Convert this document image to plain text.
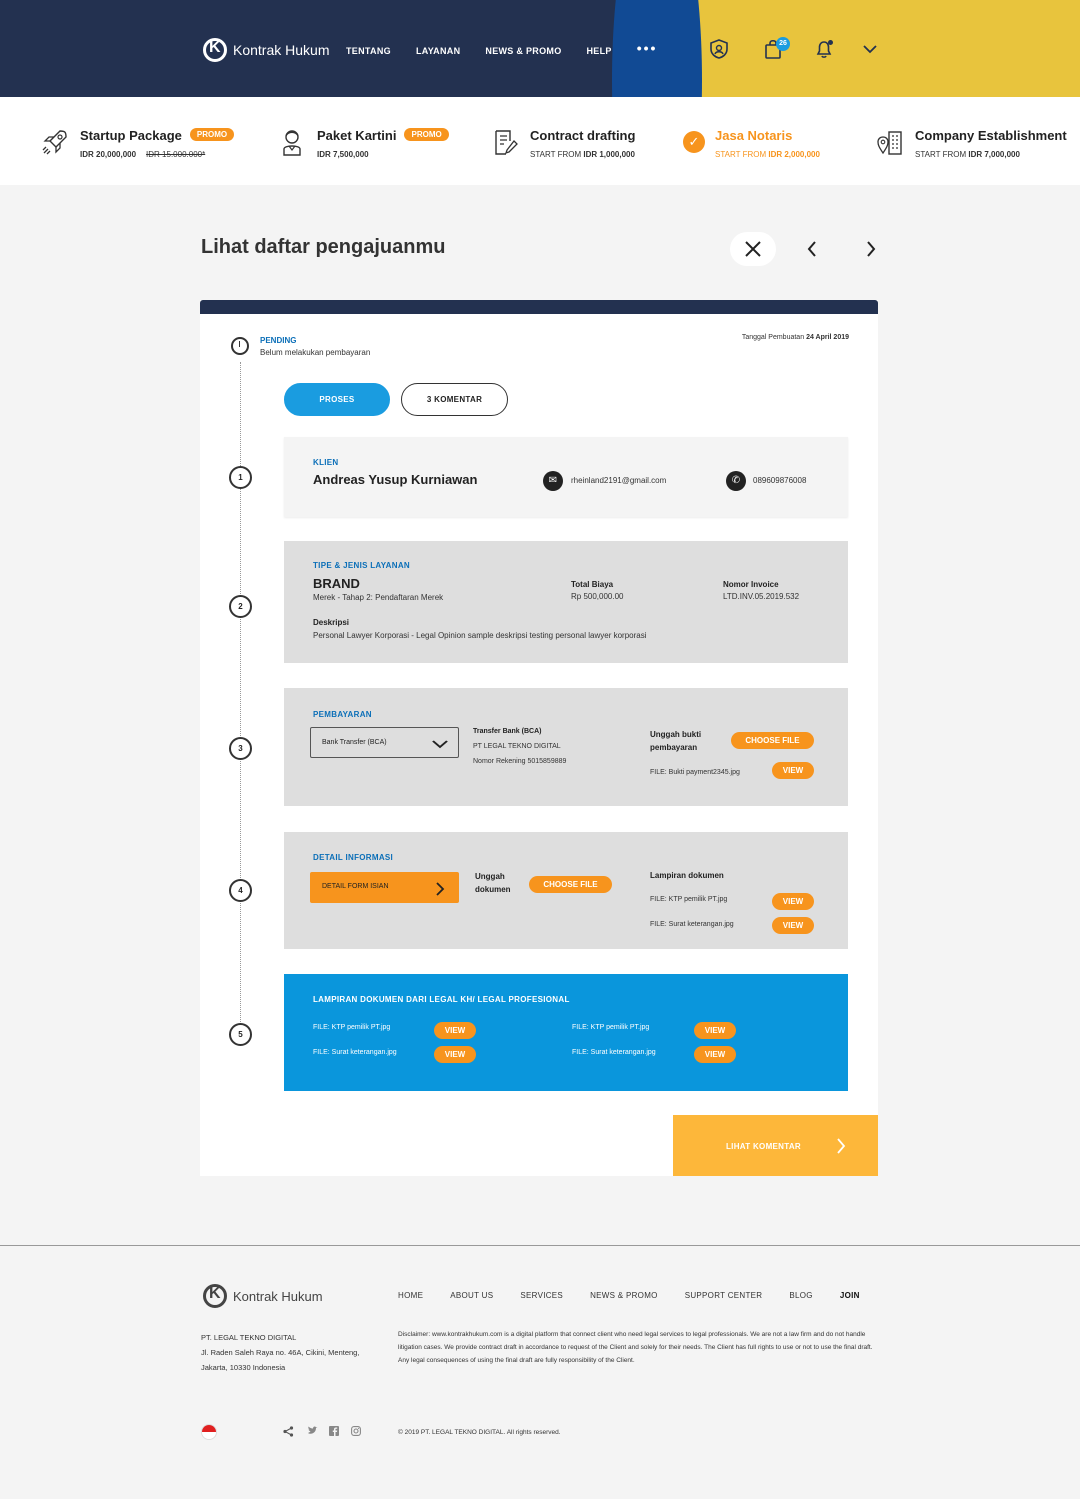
K
Kontrak Hukum TENTANG	LAYANAN	NEWS & PROMO	HELP •••	26
Startup Package PROMO
IDR 20,000,000 IDR 15.000.000*
Paket Kartini PROMO
IDR 7,500,000
Contract drafting
START FROM IDR 1,000,000
✓	Jasa Notaris
START FROM IDR 2,000,000
Company Establishment
START FROM IDR 7,000,000
Lihat daftar pengajuanmu
PENDING
Belum melakukan pembayaran
Tanggal Pembuatan 24 April 2019
1
2
3
4
5
PROSES	3 KOMENTAR
KLIEN
Andreas Yusup Kurniawan	✉	rheinland2191@gmail.com	✆	089609876008
TIPE & JENIS LAYANAN
BRAND
Merek - Tahap 2: Pendaftaran Merek
Total Biaya
Rp 500,000.00
Nomor Invoice
LTD.INV.05.2019.532
Deskripsi
Personal Lawyer Korporasi - Legal Opinion sample deskripsi testing personal lawyer korporasi
PEMBAYARAN
Bank Transfer (BCA)
Transfer Bank (BCA)
PT LEGAL TEKNO DIGITAL
Nomor Rekening 5015859889
Unggah bukti pembayaran
CHOOSE FILE
FILE: Bukti payment2345.jpg	VIEW
DETAIL INFORMASI
DETAIL FORM ISIAN
Unggah dokumen
CHOOSE FILE
Lampiran dokumen
FILE: KTP pemilik PT.jpg	VIEW
FILE: Surat keterangan.jpg	VIEW
LAMPIRAN DOKUMEN DARI LEGAL KH/ LEGAL PROFESIONAL
FILE: KTP pemilik PT.jpg	VIEW
FILE: Surat keterangan.jpg	VIEW
FILE: KTP pemilik PT.jpg	VIEW
FILE: Surat keterangan.jpg	VIEW
LIHAT KOMENTAR
K
Kontrak Hukum	HOME	ABOUT US	SERVICES	NEWS & PROMO	SUPPORT CENTER	BLOG	JOIN
PT. LEGAL TEKNO DIGITAL
Jl. Raden Saleh Raya no. 46A, Cikini, Menteng, Jakarta, 10330 Indonesia
Disclaimer: www.kontrakhukum.com is a digital platform that connect client who need legal services to legal professionals. We are not a law firm and do not handle litigation cases. We provide contract draft in accordance to request of the Client and solely for their needs. The Client has full rights to use or not to use the final draft. Any legal consequences of using the final draft are fully responsibility of the Client.
© 2019 PT. LEGAL TEKNO DIGITAL. All rights reserved.
